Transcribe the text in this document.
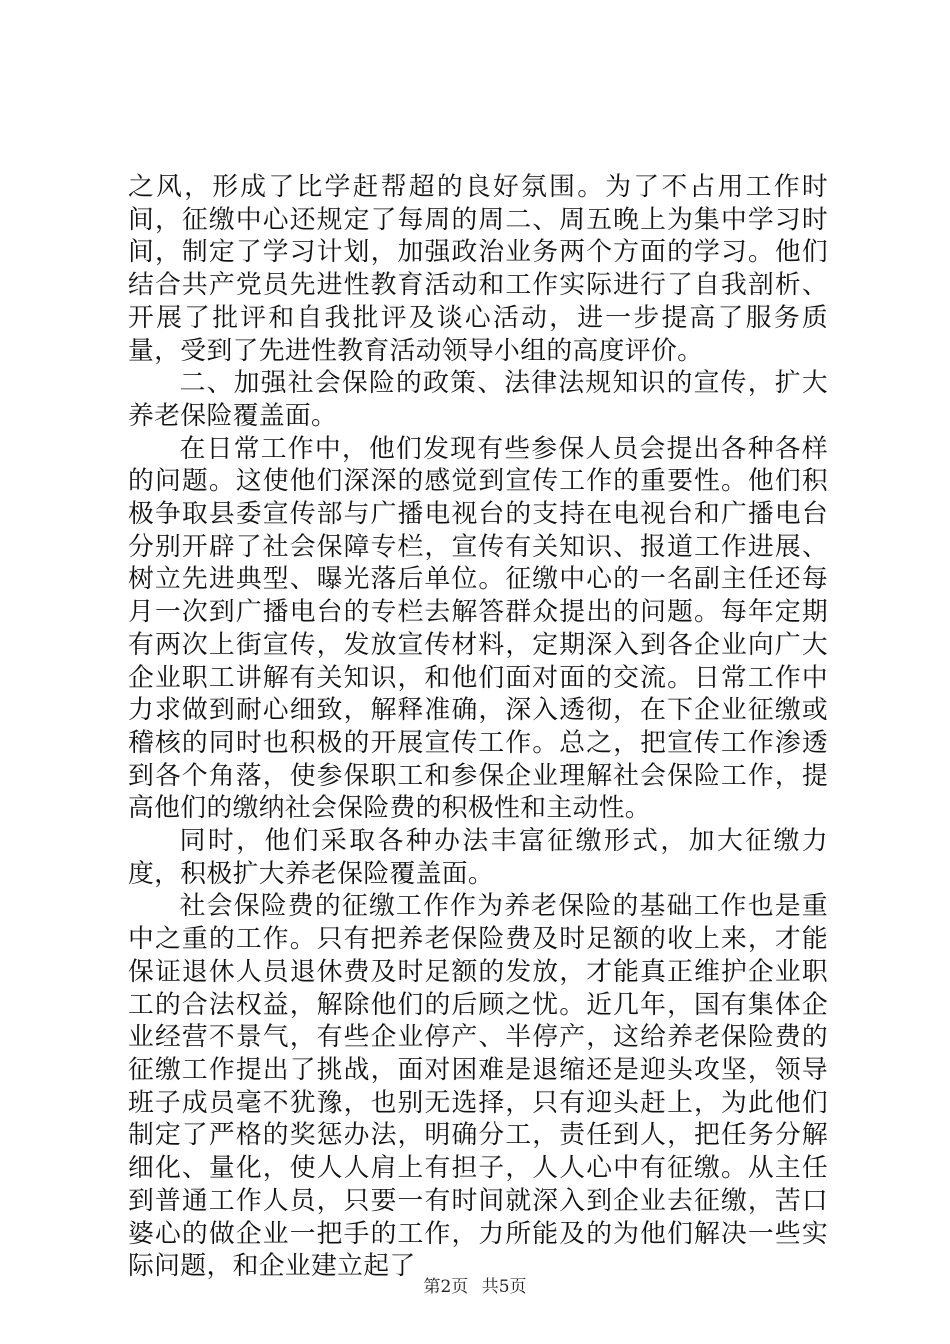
之风，形成了比学赶帮超的良好氛围。为了不占用工作时间，征缴中心还规定了每周的周二、周五晚上为集中学习时间，制定了学习计划，加强政治业务两个方面的学习。他们结合共产党员先进性教育活动和工作实际进行了自我剖析、开展了批评和自我批评及谈心活动，进一步提高了服务质量，受到了先进性教育活动领导小组的高度评价。

二、加强社会保险的政策、法律法规知识的宣传，扩大养老保险覆盖面。

在日常工作中，他们发现有些参保人员会提出各种各样的问题。这使他们深深的感觉到宣传工作的重要性。他们积极争取县委宣传部与广播电视台的支持在电视台和广播电台分别开辟了社会保障专栏，宣传有关知识、报道工作进展、树立先进典型、曝光落后单位。征缴中心的一名副主任还每月一次到广播电台的专栏去解答群众提出的问题。每年定期有两次上街宣传，发放宣传材料，定期深入到各企业向广大企业职工讲解有关知识，和他们面对面的交流。日常工作中力求做到耐心细致，解释准确，深入透彻，在下企业征缴或稽核的同时也积极的开展宣传工作。总之，把宣传工作渗透到各个角落，使参保职工和参保企业理解社会保险工作，提高他们的缴纳社会保险费的积极性和主动性。

同时，他们采取各种办法丰富征缴形式，加大征缴力度，积极扩大养老保险覆盖面。

社会保险费的征缴工作作为养老保险的基础工作也是重中之重的工作。只有把养老保险费及时足额的收上来，才能保证退休人员退休费及时足额的发放，才能真正维护企业职工的合法权益，解除他们的后顾之忧。近几年，国有集体企业经营不景气，有些企业停产、半停产，这给养老保险费的征缴工作提出了挑战，面对困难是退缩还是迎头攻坚，领导班子成员毫不犹豫，也别无选择，只有迎头赶上，为此他们制定了严格的奖惩办法，明确分工，责任到人，把任务分解细化、量化，使人人肩上有担子，人人心中有征缴。从主任到普通工作人员，只要一有时间就深入到企业去征缴，苦口婆心的做企业一把手的工作，力所能及的为他们解决一些实际问题，和企业建立起了

第2页 共5页
